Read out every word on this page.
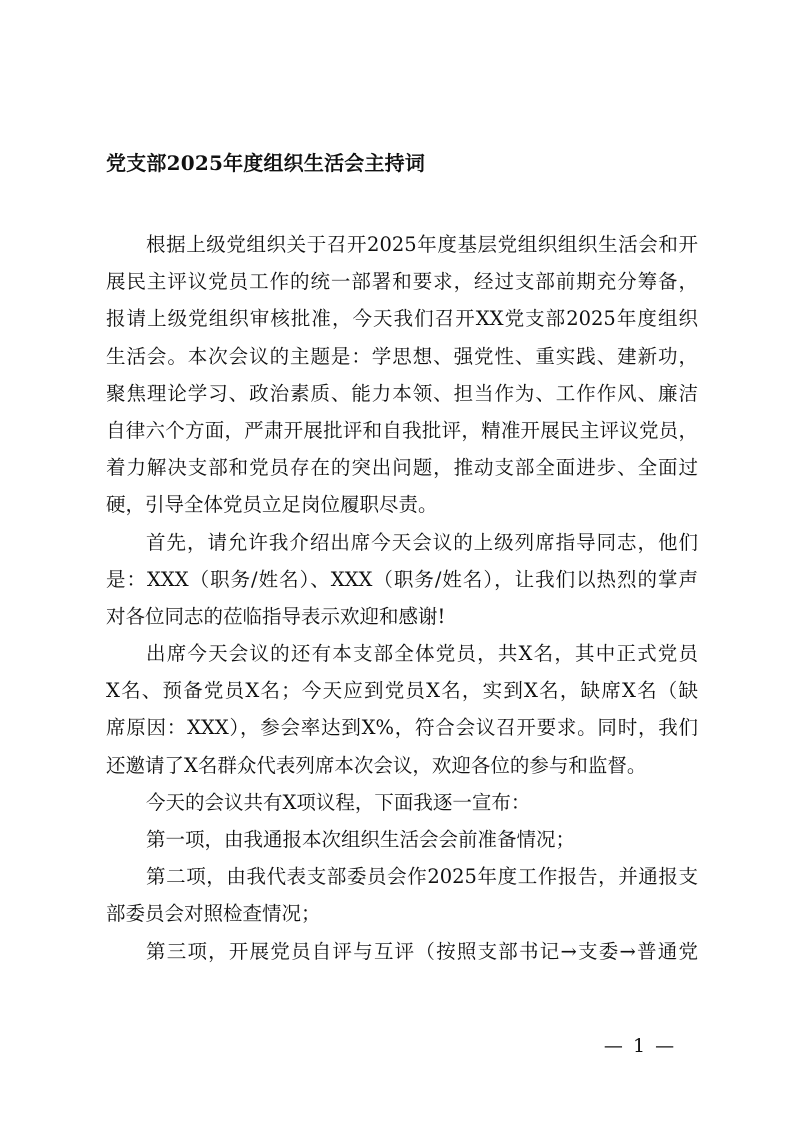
党支部2025年度组织生活会主持词
根据上级党组织关于召开2025年度基层党组织组织生活会和开
展民主评议党员工作的统一部署和要求，经过支部前期充分筹备，
报请上级党组织审核批准，今天我们召开XX党支部2025年度组织
生活会。本次会议的主题是：学思想、强党性、重实践、建新功，
聚焦理论学习、政治素质、能力本领、担当作为、工作作风、廉洁
自律六个方面，严肃开展批评和自我批评，精准开展民主评议党员，
着力解决支部和党员存在的突出问题，推动支部全面进步、全面过
硬，引导全体党员立足岗位履职尽责。
首先，请允许我介绍出席今天会议的上级列席指导同志，他们
是：XXX（职务/姓名）、XXX（职务/姓名），让我们以热烈的掌声
对各位同志的莅临指导表示欢迎和感谢!
出席今天会议的还有本支部全体党员，共X名，其中正式党员
X名、预备党员X名；今天应到党员X名，实到X名，缺席X名（缺
席原因：XXX），参会率达到X%，符合会议召开要求。同时，我们
还邀请了X名群众代表列席本次会议，欢迎各位的参与和监督。
今天的会议共有X项议程，下面我逐一宣布：
第一项，由我通报本次组织生活会会前准备情况；
第二项，由我代表支部委员会作2025年度工作报告，并通报支
部委员会对照检查情况；
第三项，开展党员自评与互评（按照支部书记→支委→普通党
— 1 —
